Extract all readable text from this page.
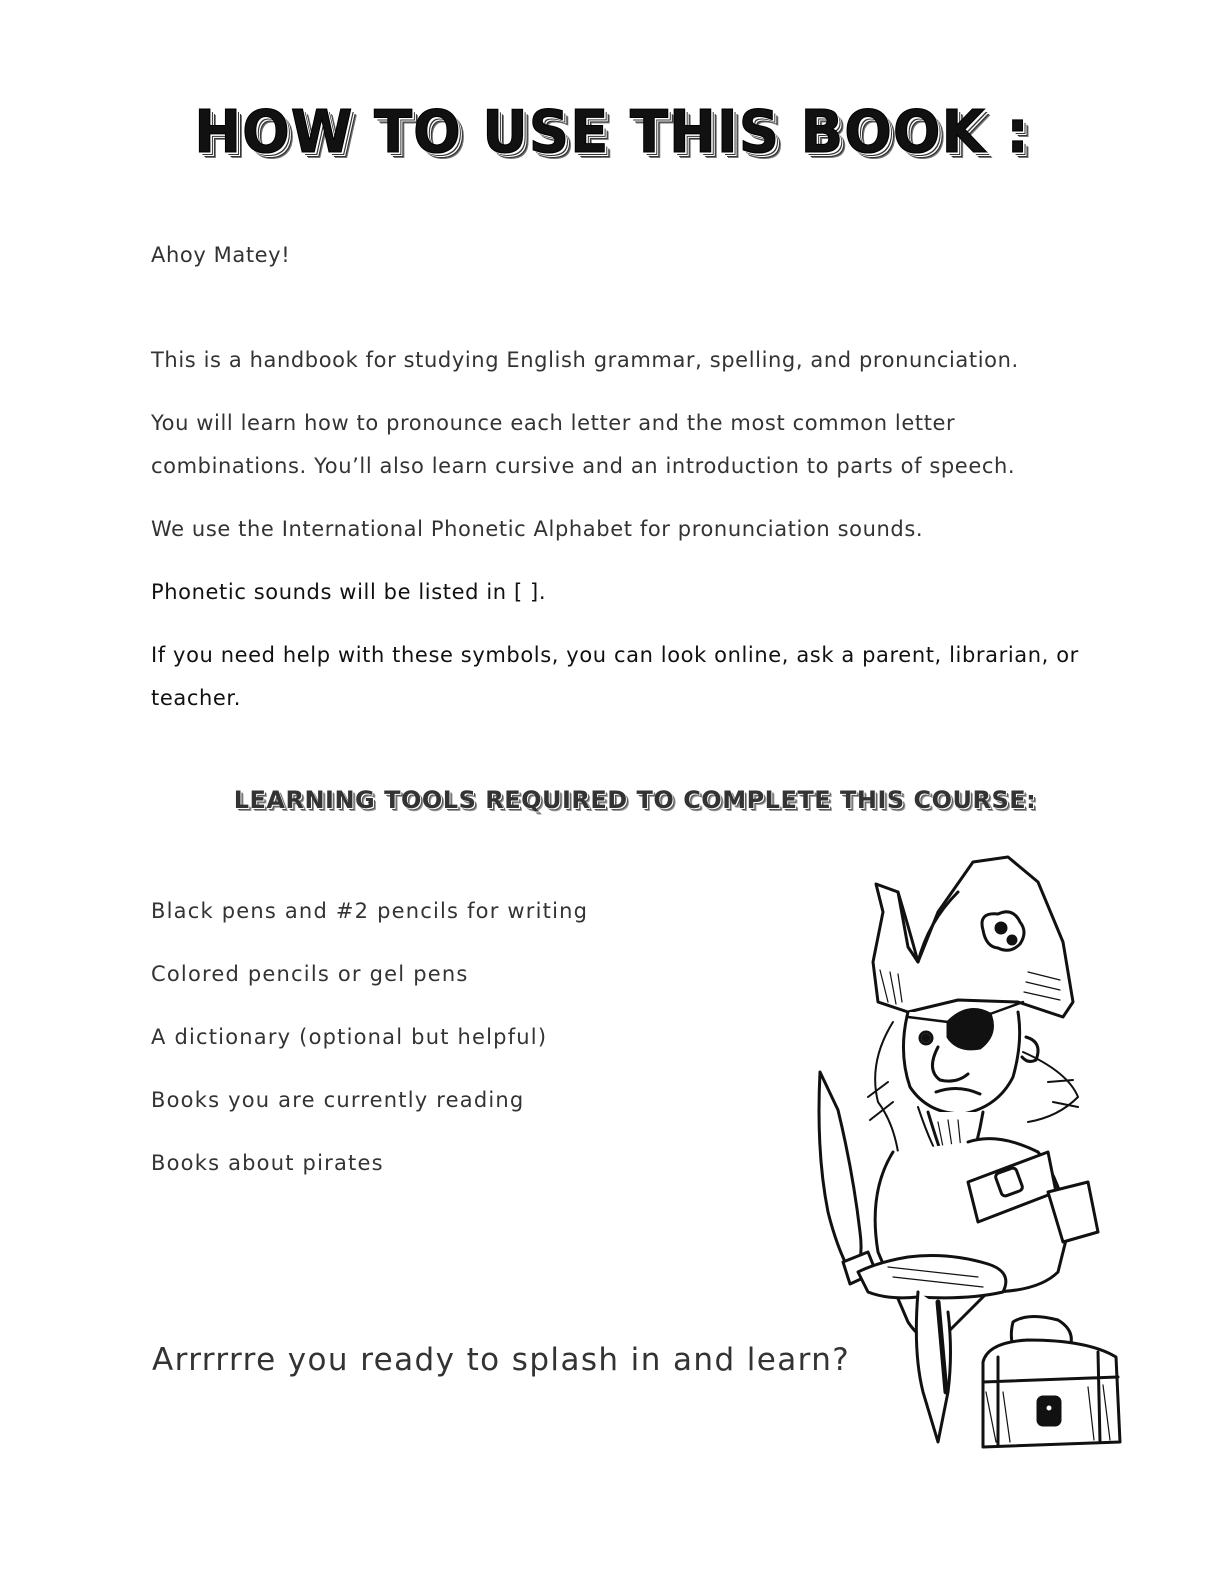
HOW TO USE THIS BOOK :

Ahoy Matey!

This is a handbook for studying English grammar, spelling, and pronunciation.

You will learn how to pronounce each letter and the most common letter combinations. You’ll also learn cursive and an introduction to parts of speech.

We use the International Phonetic Alphabet for pronunciation sounds.

Phonetic sounds will be listed in [ ].

If you need help with these symbols, you can look online, ask a parent, librarian, or teacher.

LEARNING TOOLS REQUIRED TO COMPLETE THIS COURSE:
Black pens and #2 pencils for writing
Colored pencils or gel pens
A dictionary (optional but helpful)
Books you are currently reading
Books about pirates

Arrrrrre you ready to splash in and learn?
